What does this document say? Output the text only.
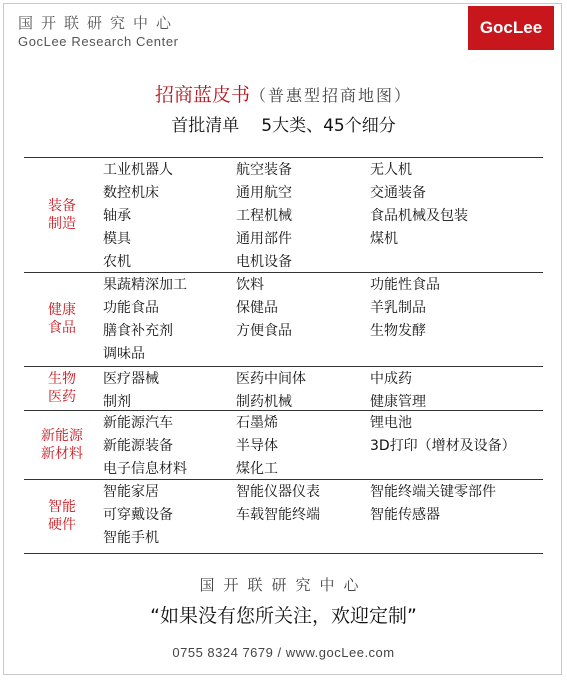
国开联研究中心
GocLee Research Center
GocLee
招商蓝皮书（普惠型招商地图）
首批清单 5大类、45个细分
装备
制造
工业机器人	航空装备	无人机
数控机床	通用航空	交通装备
轴承	工程机械	食品机械及包装
模具	通用部件	煤机
农机	电机设备
健康
食品
果蔬精深加工	饮料	功能性食品
功能食品	保健品	羊乳制品
膳食补充剂	方便食品	生物发酵
调味品
生物
医药
医疗器械	医药中间体	中成药
制剂	制药机械	健康管理
新能源
新材料
新能源汽车	石墨烯	锂电池
新能源装备	半导体	3D打印（增材及设备）
电子信息材料	煤化工
智能
硬件
智能家居	智能仪器仪表	智能终端关键零部件
可穿戴设备	车载智能终端	智能传感器
智能手机
国开联研究中心
“如果没有您所关注，欢迎定制”
0755 8324 7679 / www.gocLee.com
